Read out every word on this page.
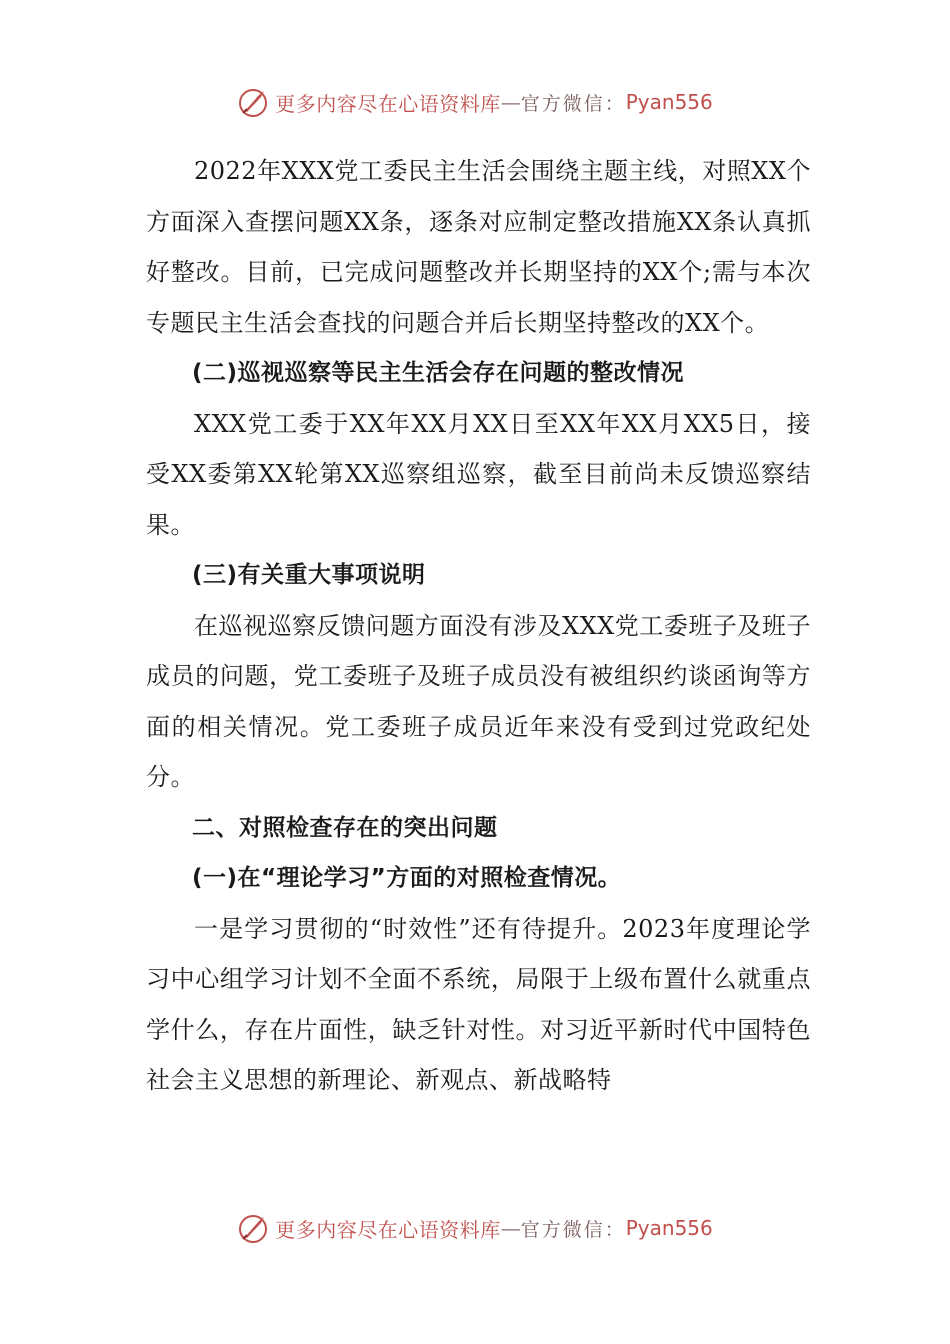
更多内容尽在心语资料库 — 官方微信： Pyan556

2022年XXX党工委民主生活会围绕主题主线，对照XX个方面深入查摆问题XX条，逐条对应制定整改措施XX条认真抓好整改。目前，已完成问题整改并长期坚持的XX个;需与本次专题民主生活会查找的问题合并后长期坚持整改的XX个。

(二)巡视巡察等民主生活会存在问题的整改情况

XXX党工委于XX年XX月XX日至XX年XX月XX5日，接受XX委第XX轮第XX巡察组巡察，截至目前尚未反馈巡察结果。

(三)有关重大事项说明

在巡视巡察反馈问题方面没有涉及XXX党工委班子及班子成员的问题，党工委班子及班子成员没有被组织约谈函询等方面的相关情况。党工委班子成员近年来没有受到过党政纪处分。

二、对照检查存在的突出问题

(一)在“理论学习”方面的对照检查情况。

一是学习贯彻的“时效性”还有待提升。2023年度理论学习中心组学习计划不全面不系统，局限于上级布置什么就重点学什么，存在片面性，缺乏针对性。对习近平新时代中国特色社会主义思想的新理论、新观点、新战略特

更多内容尽在心语资料库 — 官方微信： Pyan556
